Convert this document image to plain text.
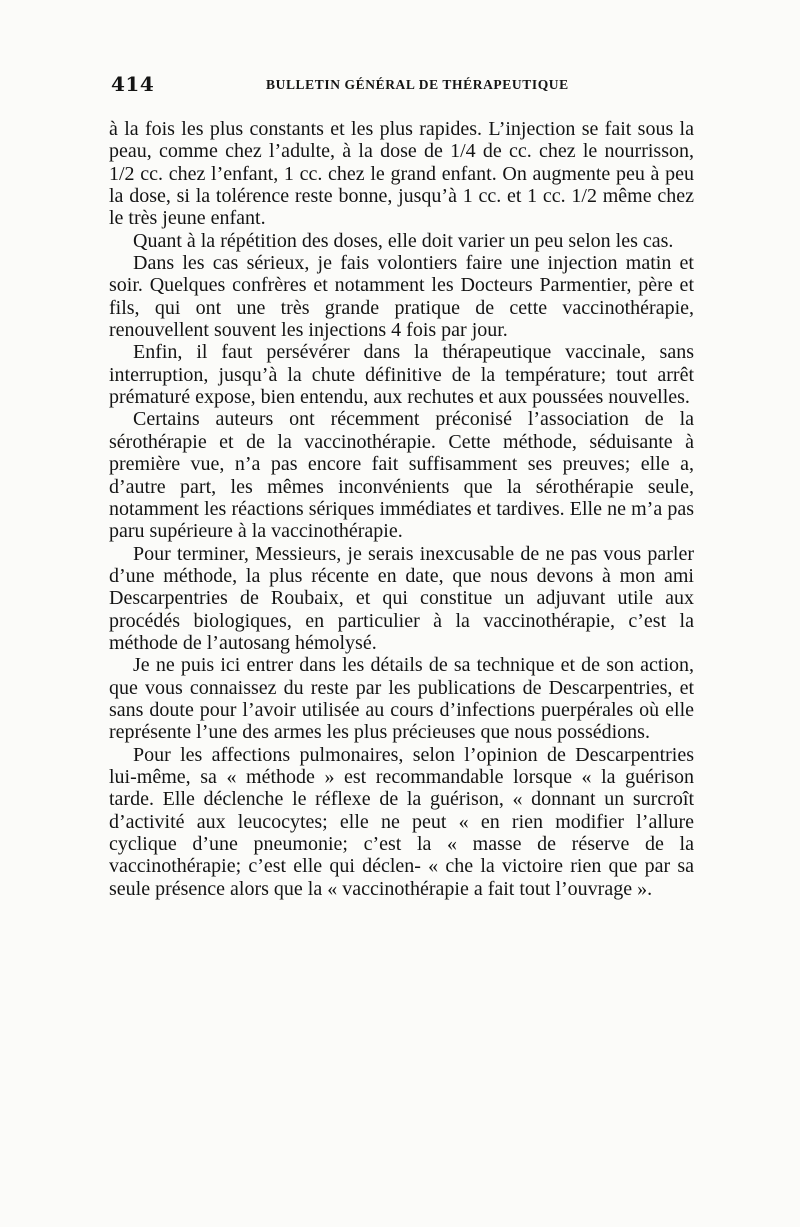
414	BULLETIN GÉNÉRAL DE THÉRAPEUTIQUE

à la fois les plus constants et les plus rapides. L’injection se fait sous la peau, comme chez l’adulte, à la dose de 1/4 de cc. chez le nourrisson, 1/2 cc. chez l’enfant, 1 cc. chez le grand enfant. On augmente peu à peu la dose, si la tolérence reste bonne, jusqu’à 1 cc. et 1 cc. 1/2 même chez le très jeune enfant.

Quant à la répétition des doses, elle doit varier un peu selon les cas.

Dans les cas sérieux, je fais volontiers faire une injection matin et soir. Quelques confrères et notamment les Docteurs Parmentier, père et fils, qui ont une très grande pratique de cette vaccinothérapie, renouvellent souvent les injections 4 fois par jour.

Enfin, il faut persévérer dans la thérapeutique vaccinale, sans interruption, jusqu’à la chute définitive de la température; tout arrêt prématuré expose, bien entendu, aux rechutes et aux poussées nouvelles.

Certains auteurs ont récemment préconisé l’association de la sérothérapie et de la vaccinothérapie. Cette méthode, séduisante à première vue, n’a pas encore fait suffisamment ses preuves; elle a, d’autre part, les mêmes inconvénients que la sérothérapie seule, notamment les réactions sériques immédiates et tardives. Elle ne m’a pas paru supérieure à la vaccinothérapie.

Pour terminer, Messieurs, je serais inexcusable de ne pas vous parler d’une méthode, la plus récente en date, que nous devons à mon ami Descarpentries de Roubaix, et qui constitue un adjuvant utile aux procédés biologiques, en particulier à la vaccinothérapie, c’est la méthode de l’autosang hémolysé.

Je ne puis ici entrer dans les détails de sa technique et de son action, que vous connaissez du reste par les publications de Descarpentries, et sans doute pour l’avoir utilisée au cours d’infections puerpérales où elle représente l’une des armes les plus précieuses que nous possédions.

Pour les affections pulmonaires, selon l’opinion de Descarpentries lui-même, sa « méthode » est recommandable lorsque « la guérison tarde. Elle déclenche le réflexe de la guérison, « donnant un surcroît d’activité aux leucocytes; elle ne peut « en rien modifier l’allure cyclique d’une pneumonie; c’est la « masse de réserve de la vaccinothérapie; c’est elle qui déclen- « che la victoire rien que par sa seule présence alors que la « vaccinothérapie a fait tout l’ouvrage ».
